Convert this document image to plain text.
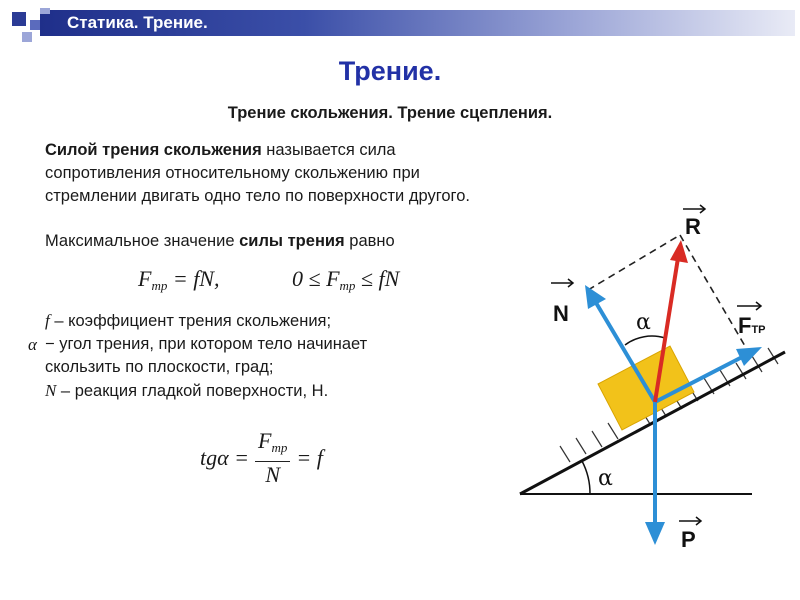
Статика. Трение.
Трение.
Трение скольжения. Трение сцепления.
Силой трения скольжения называется сила сопротивления относительному скольжению при стремлении двигать одно тело по поверхности другого.
Максимальное значение силы трения равно
$F_{тр}$ = fN,	$0 \le F_{тр}$ ≤ fN
f – коэффициент трения скольжения;
α − угол трения, при котором тело начинает
скользить по плоскости, град;
N – реакция гладкой поверхности, Н.
$tg\alpha = \frac{F_{тр}}{N} = f$
R
N	FТР
P
α
α
